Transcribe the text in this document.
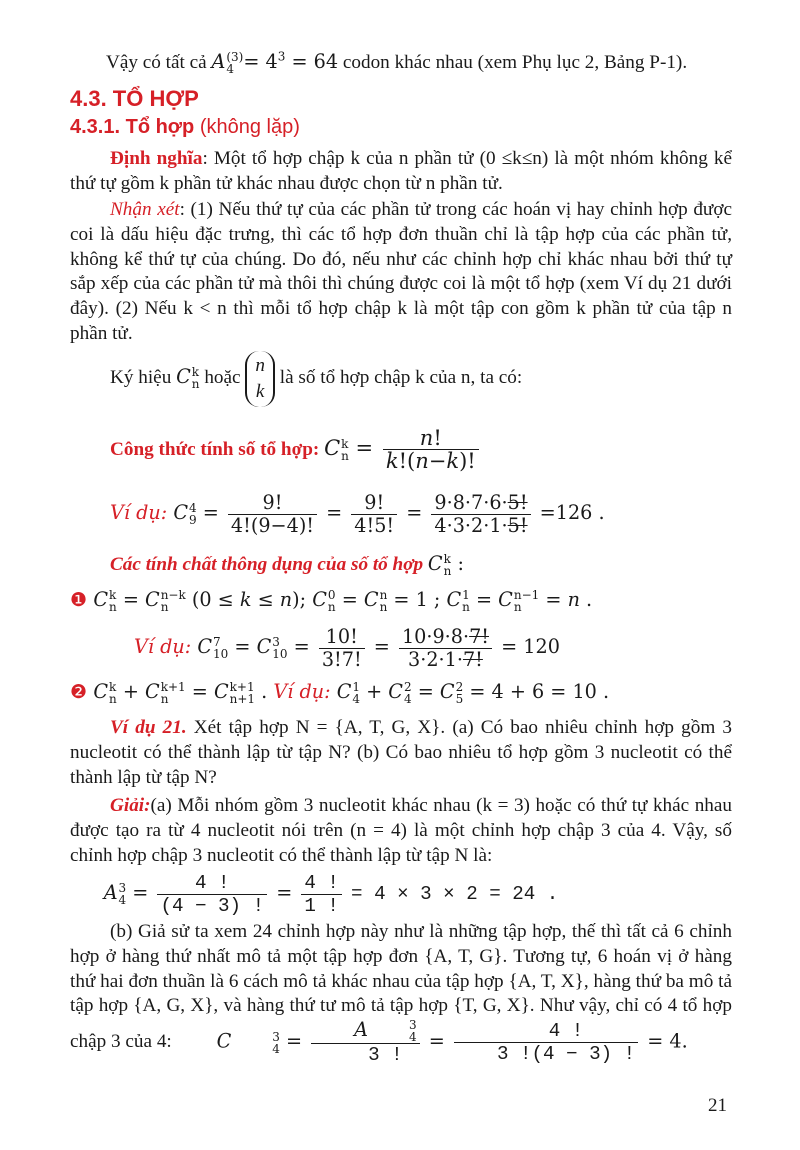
Vậy có tất cả A (3)
$4 = 4^3 = 64$ codon khác nhau (xem Phụ lục 2, Bảng P-1).
4.3. TỔ HỢP
4.3.1. Tổ hợp (không lặp)
Định nghĩa: Một tổ hợp chập k của n phần tử (0 ≤k≤n) là một nhóm không kể thứ tự gồm k phần tử khác nhau được chọn từ n phần tử.
Nhận xét: (1) Nếu thứ tự của các phần tử trong các hoán vị hay chỉnh hợp được coi là dấu hiệu đặc trưng, thì các tổ hợp đơn thuần chỉ là tập hợp của các phần tử, không kể thứ tự của chúng. Do đó, nếu như các chỉnh hợp chỉ khác nhau bởi thứ tự sắp xếp của các phần tử mà thôi thì chúng được coi là một tổ hợp (xem Ví dụ 21 dưới đây). (2) Nếu k < n thì mỗi tổ hợp chập k là một tập con gồm k phần tử của tập n phần tử.
Ký hiệu C k
n hoặc n
k là số tổ hợp chập k của n, ta có:
Công thức tính số tổ hợp: C k
$n = \frac{n!}{k!(n-k)!}$
Ví dụ: C 4
$9 = \frac{9!}{4!(9-4)!} = \frac{9!}{4!5!} = \frac{9\cdot 8\cdot 7\cdot 6\cdot 5!}{4\cdot 3\cdot 2\cdot 1\cdot 5!} =126$ .
Các tính chất thông dụng của số tổ hợp C k
n :
❶ C k
n = C n−k
n (0 ≤ k ≤ n); C 0
n = C n
n = 1 ; C 1
n = C n−1
n = n .
Ví dụ: C 7
10 = C 3
$10 = \frac{10!}{3!7!} = \frac{10\cdot 9\cdot 8\cdot 7!}{3\cdot 2\cdot 1\cdot 7!} = 120$
❷ C k
n + C k+1
n = C k+1
n+1 . Ví dụ: C 1
4 + C 2
4 = C 2
5 = 4 + 6 = 10 .
Ví dụ 21. Xét tập hợp N = {A, T, G, X}. (a) Có bao nhiêu chỉnh hợp gồm 3 nucleotit có thể thành lập từ tập N? (b) Có bao nhiêu tổ hợp gồm 3 nucleotit có thể thành lập từ tập N?
Giải:(a) Mỗi nhóm gồm 3 nucleotit khác nhau (k = 3) hoặc có thứ tự khác nhau được tạo ra từ 4 nucleotit nói trên (n = 4) là một chỉnh hợp chập 3 của 4. Vậy, số chỉnh hợp chập 3 nucleotit có thể thành lập từ tập N là:
A 3
$4 = \frac{4 !}{(4 - 3) !} = \frac{4 !}{1 !} = 4 \times 3 \times 2 = 24$ .
(b) Giả sử ta xem 24 chỉnh hợp này như là những tập hợp, thế thì tất cả 6 chỉnh hợp ở hàng thứ nhất mô tả một tập hợp đơn {A, T, G}. Tương tự, 6 hoán vị ở hàng thứ hai đơn thuần là 6 cách mô tả khác nhau của tập hợp {A, T, X}, hàng thứ ba mô tả tập hợp {A, G, X}, và hàng thứ tư mô tả tập hợp {T, G, X}. Như vậy, chỉ có 4 tổ hợp chập 3 của 4: C	3
4 = A	3
4
3 ! = $\frac{4 !}{3 !(4 - 3) !} = 4$.
21
